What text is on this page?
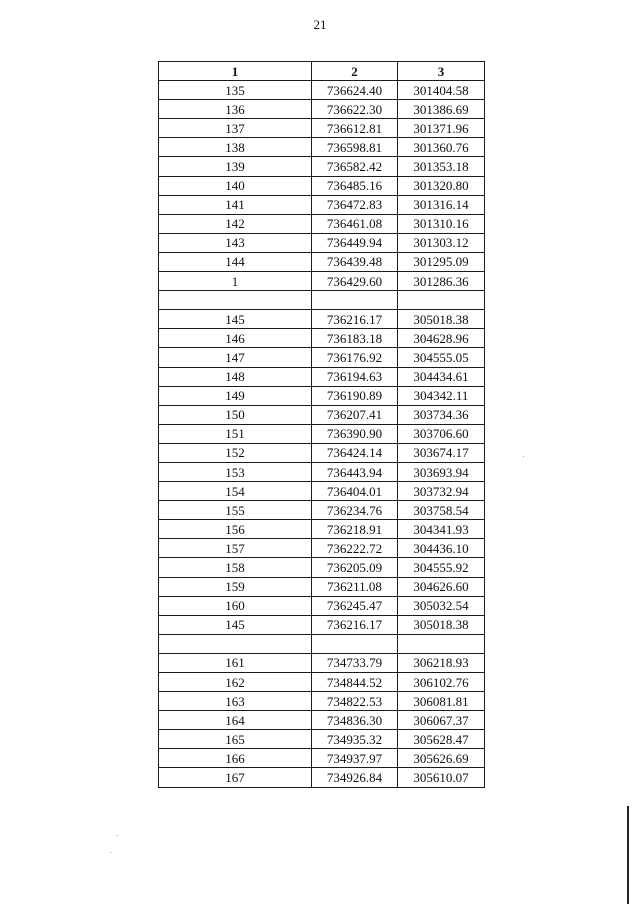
21
1	2	3
135	736624.40	301404.58
136	736622.30	301386.69
137	736612.81	301371.96
138	736598.81	301360.76
139	736582.42	301353.18
140	736485.16	301320.80
141	736472.83	301316.14
142	736461.08	301310.16
143	736449.94	301303.12
144	736439.48	301295.09
1	736429.60	301286.36

145	736216.17	305018.38
146	736183.18	304628.96
147	736176.92	304555.05
148	736194.63	304434.61
149	736190.89	304342.11
150	736207.41	303734.36
151	736390.90	303706.60
152	736424.14	303674.17
153	736443.94	303693.94
154	736404.01	303732.94
155	736234.76	303758.54
156	736218.91	304341.93
157	736222.72	304436.10
158	736205.09	304555.92
159	736211.08	304626.60
160	736245.47	305032.54
145	736216.17	305018.38

161	734733.79	306218.93
162	734844.52	306102.76
163	734822.53	306081.81
164	734836.30	306067.37
165	734935.32	305628.47
166	734937.97	305626.69
167	734926.84	305610.07
